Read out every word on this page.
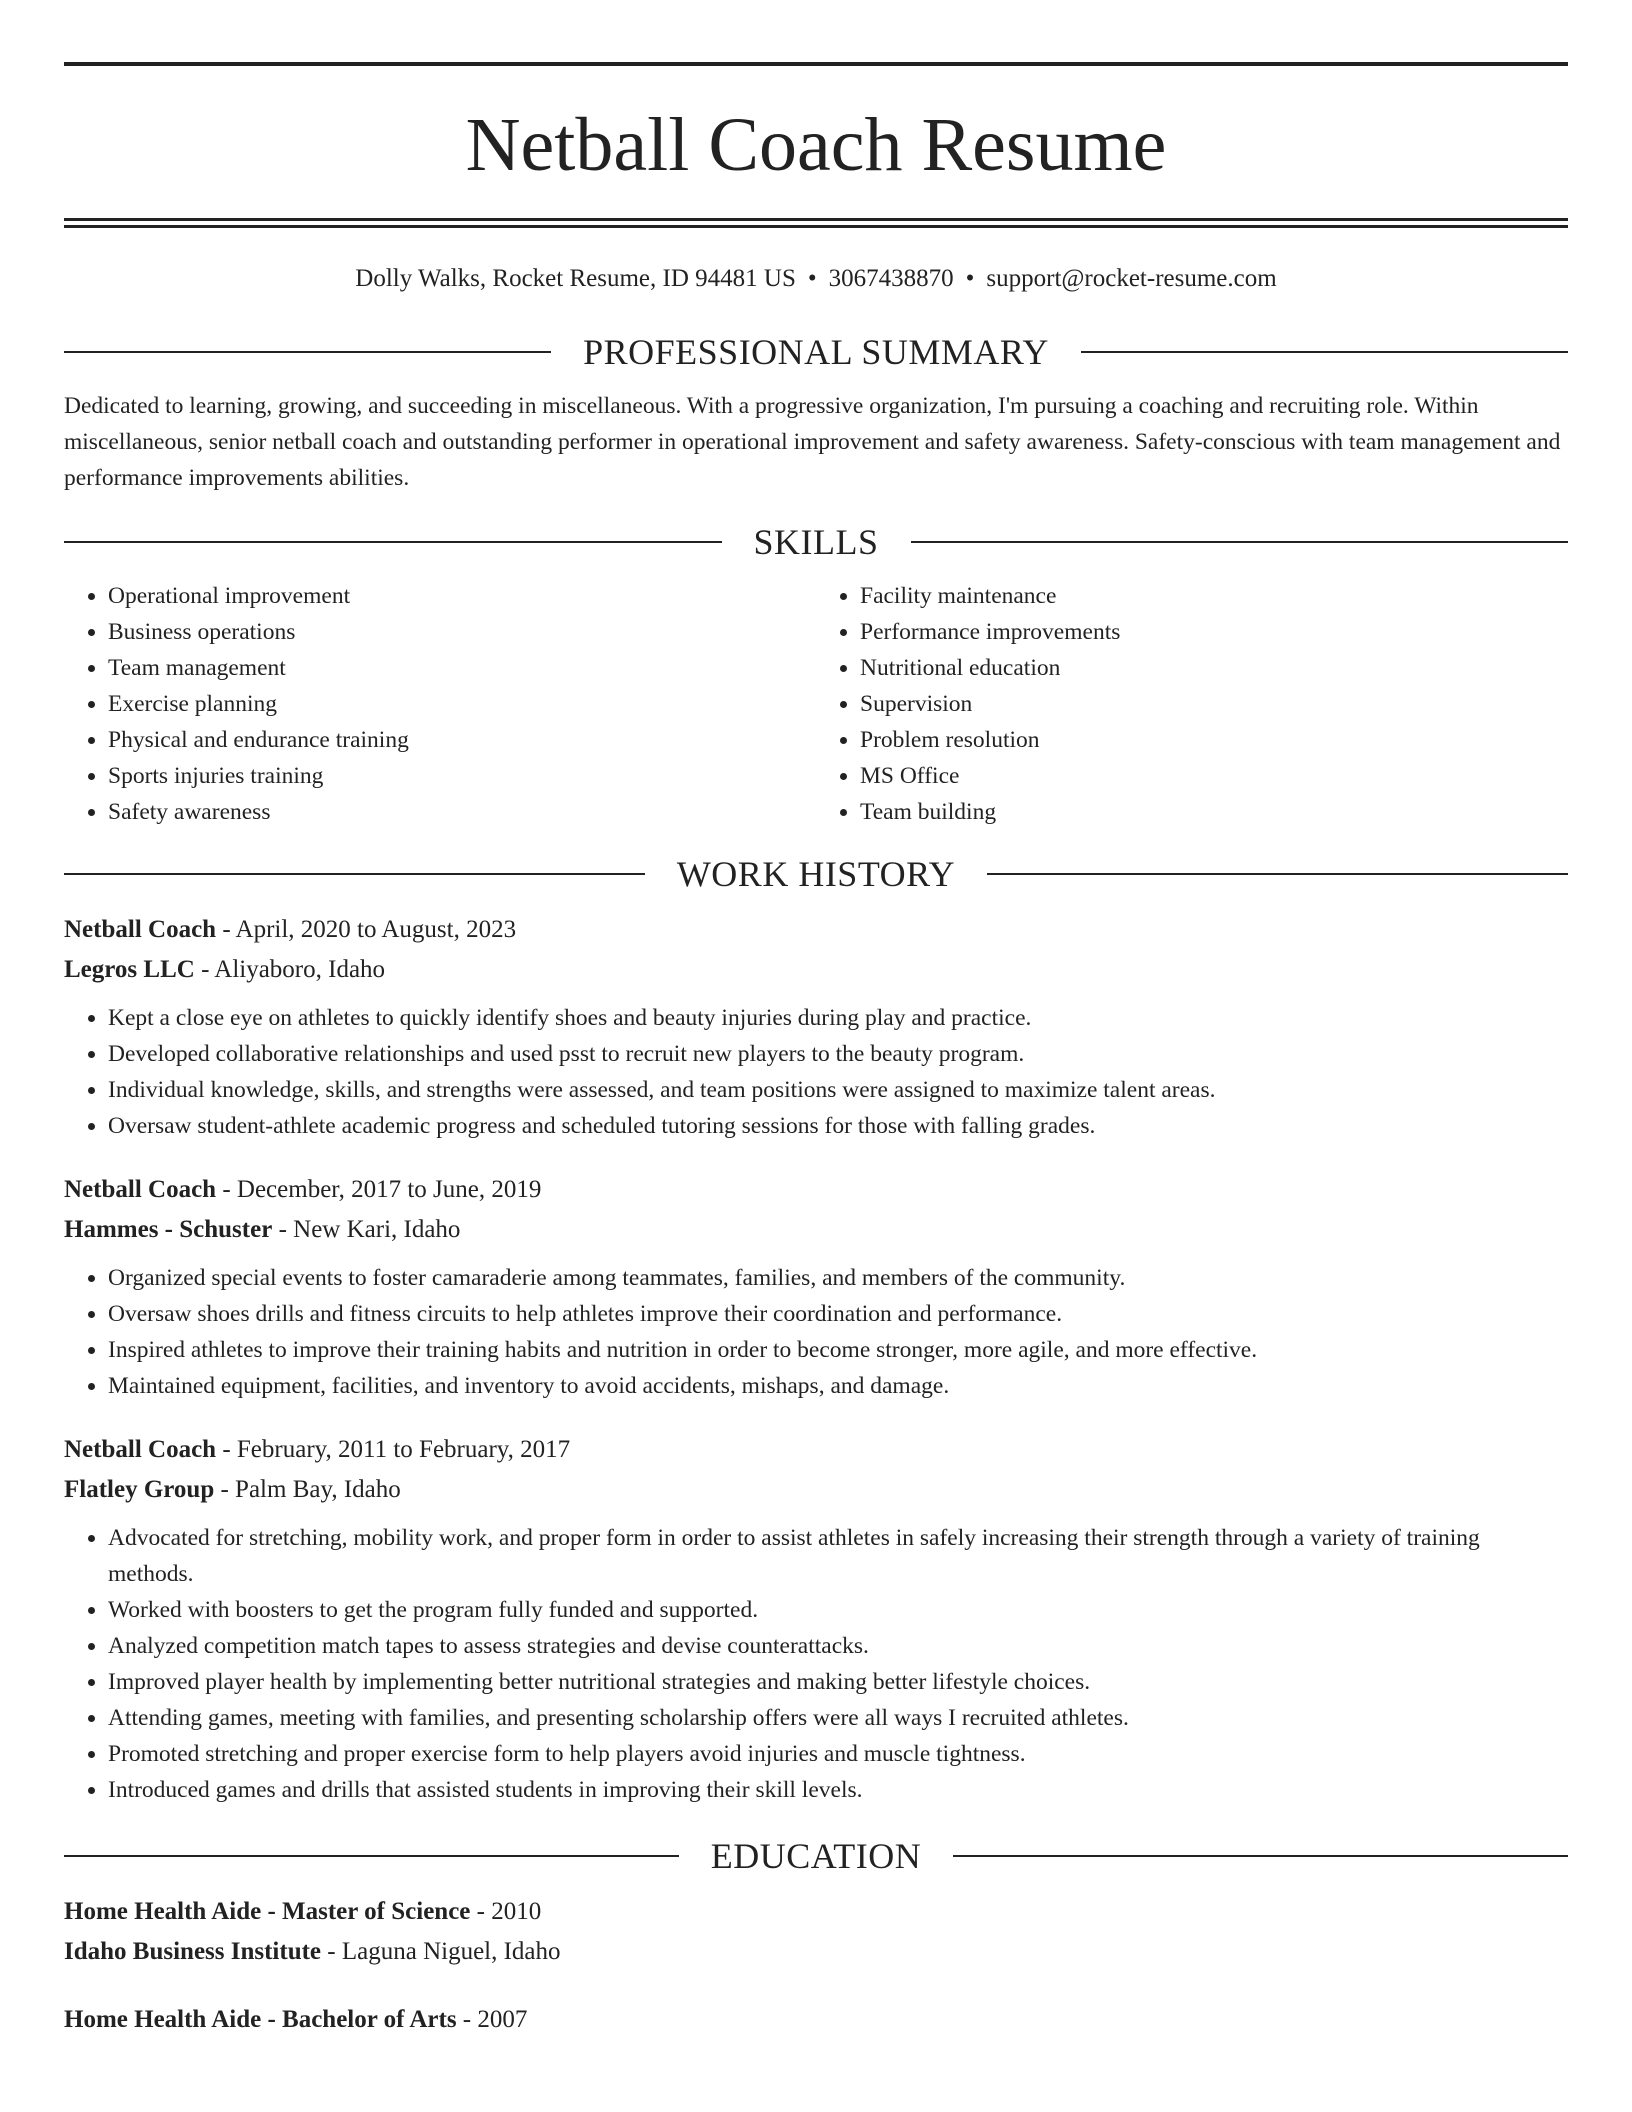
Netball Coach Resume
Dolly Walks, Rocket Resume, ID 94481 US • 3067438870 • support@rocket-resume.com
PROFESSIONAL SUMMARY

Dedicated to learning, growing, and succeeding in miscellaneous. With a progressive organization, I'm pursuing a coaching and recruiting role. Within miscellaneous, senior netball coach and outstanding performer in operational improvement and safety awareness. Safety-conscious with team management and performance improvements abilities.

SKILLS
• Operational improvement
• Business operations
• Team management
• Exercise planning
• Physical and endurance training
• Sports injuries training
• Safety awareness
• Facility maintenance
• Performance improvements
• Nutritional education
• Supervision
• Problem resolution
• MS Office
• Team building
WORK HISTORY
Netball Coach - April, 2020 to August, 2023
Legros LLC - Aliyaboro, Idaho
• Kept a close eye on athletes to quickly identify shoes and beauty injuries during play and practice.
• Developed collaborative relationships and used psst to recruit new players to the beauty program.
• Individual knowledge, skills, and strengths were assessed, and team positions were assigned to maximize talent areas.
• Oversaw student-athlete academic progress and scheduled tutoring sessions for those with falling grades.
Netball Coach - December, 2017 to June, 2019
Hammes - Schuster - New Kari, Idaho
• Organized special events to foster camaraderie among teammates, families, and members of the community.
• Oversaw shoes drills and fitness circuits to help athletes improve their coordination and performance.
• Inspired athletes to improve their training habits and nutrition in order to become stronger, more agile, and more effective.
• Maintained equipment, facilities, and inventory to avoid accidents, mishaps, and damage.
Netball Coach - February, 2011 to February, 2017
Flatley Group - Palm Bay, Idaho
• Advocated for stretching, mobility work, and proper form in order to assist athletes in safely increasing their strength through a variety of training methods.
• Worked with boosters to get the program fully funded and supported.
• Analyzed competition match tapes to assess strategies and devise counterattacks.
• Improved player health by implementing better nutritional strategies and making better lifestyle choices.
• Attending games, meeting with families, and presenting scholarship offers were all ways I recruited athletes.
• Promoted stretching and proper exercise form to help players avoid injuries and muscle tightness.
• Introduced games and drills that assisted students in improving their skill levels.
EDUCATION
Home Health Aide - Master of Science - 2010
Idaho Business Institute - Laguna Niguel, Idaho
Home Health Aide - Bachelor of Arts - 2007
